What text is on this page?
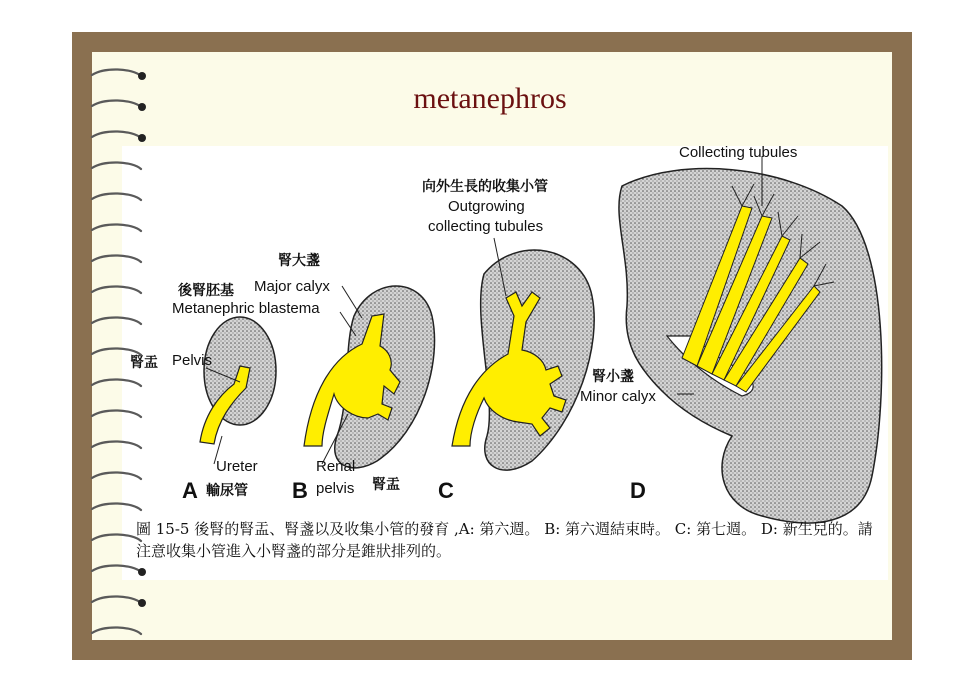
metanephros
Collecting tubules
向外生長的收集小管
Outgrowing
collecting tubules
腎大盞
後腎胚基 Major calyx
Metanephric blastema
腎盂 Pelvis
腎小盞
Minor calyx
Ureter
輸尿管
Renal
pelvis 腎盂
A	B	C	D
圖 15-5 後腎的腎盂、腎盞以及收集小管的發育 ,A: 第六週。 B: 第六週結束時。 C: 第七週。 D: 新生兒的。請注意收集小管進入小腎盞的部分是錐狀排列的。
